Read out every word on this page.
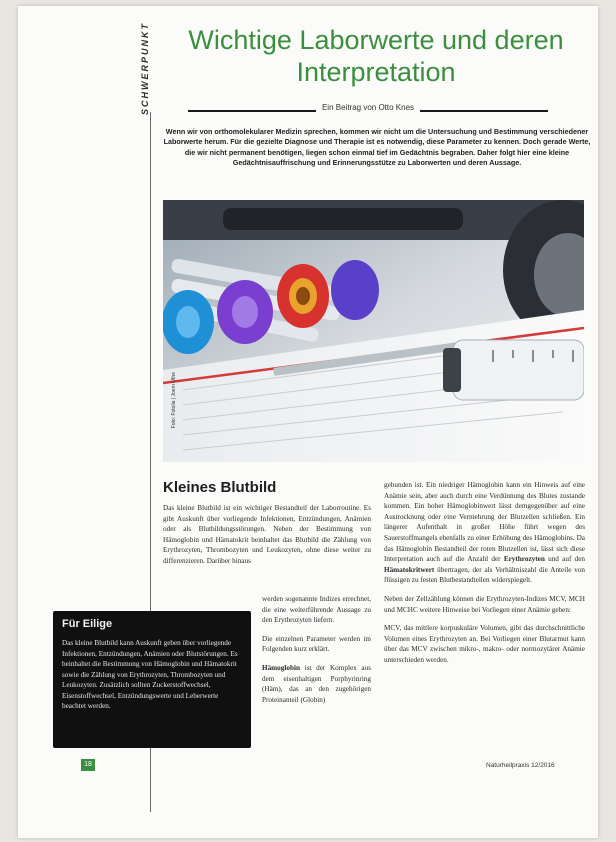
SCHWERPUNKT	Wichtige Laborwerte und deren Interpretation
Ein Beitrag von Otto Knes
Wenn wir von orthomolekularer Medizin sprechen, kommen wir nicht um die Untersuchung und Bestimmung verschiedener Laborwerte herum. Für die gezielte Diagnose und Therapie ist es notwendig, diese Parameter zu kennen. Doch gerade Werte, die wir nicht permanent benötigen, liegen schon einmal tief im Gedächtnis begraben. Daher folgt hier eine kleine Gedächtnisauffrischung und Erinnerungsstütze zu Laborwerten und deren Aussage.
Foto: Fotolia | Joern Uthe
Kleines Blutbild

Das kleine Blutbild ist ein wichtiger Bestandteil der Laborroutine. Es gibt Auskunft über vorliegende Infektionen, Entzündungen, Anämien oder als Blutbildungsstörungen. Neben der Bestimmung von Hämoglobin und Hämatokrit beinhaltet das Blutbild die Zählung von Erythrozyten, Thrombozyten und Leukozyten, ohne diese weiter zu differenzieren. Darüber hinaus

werden sogenannte Indizes errechnet, die eine weiterführende Aussage zu den Erythrozyten liefern.

Die einzelnen Parameter werden im Folgenden kurz erklärt.

Hämoglobin ist der Komplex aus dem eisenhaltigen Porphyrinring (Häm), das an den zugehörigen Proteinanteil (Globin)

gebunden ist. Ein niedriger Hämoglobin kann ein Hinweis auf eine Anämie sein, aber auch durch eine Verdünnung des Blutes zustande kommen. Ein hoher Hämoglobinwert lässt demgegenüber auf eine Austrocknung oder eine Vermehrung der Blutzellen schließen. Ein längerer Aufenthalt in großer Höhe führt wegen des Sauerstoffmangels ebenfalls zu einer Erhöhung des Hämoglobins. Da das Hämoglobin Bestandteil der roten Blutzellen ist, lässt sich diese Interpretation auch auf die Anzahl der Erythrozyten und auf den Hämatokritwert übertragen, der als Verhältniszahl die Anteile von flüssigen zu festen Blutbestandteilen widerspiegelt.

Neben der Zellzählung können die Erythrozyten-Indizes MCV, MCH und MCHC weitere Hinweise bei Vorliegen einer Anämie geben:

MCV, das mittlere korpuskuläre Volumen, gibt das durchschnittliche Volumen eines Erythrozyten an. Bei Vorliegen einer Blutarmut kann über das MCV zwischen mikro-, makro- oder normozytärer Anämie unterschieden werden.

Für Eilige
Das kleine Blutbild kann Auskunft geben über vorliegende Infektionen, Entzündungen, Anämien oder Blutstörungen. Es beinhaltet die Bestimmung von Hämoglobin und Hämatokrit sowie die Zählung von Erythrozyten, Thrombozyten und Leukozyten. Zusätzlich sollten Zuckerstoffwechsel, Eisenstoffwechsel, Entzündungswerte und Leberwerte beachtet werden.
18	Naturheilpraxis 12/2016
